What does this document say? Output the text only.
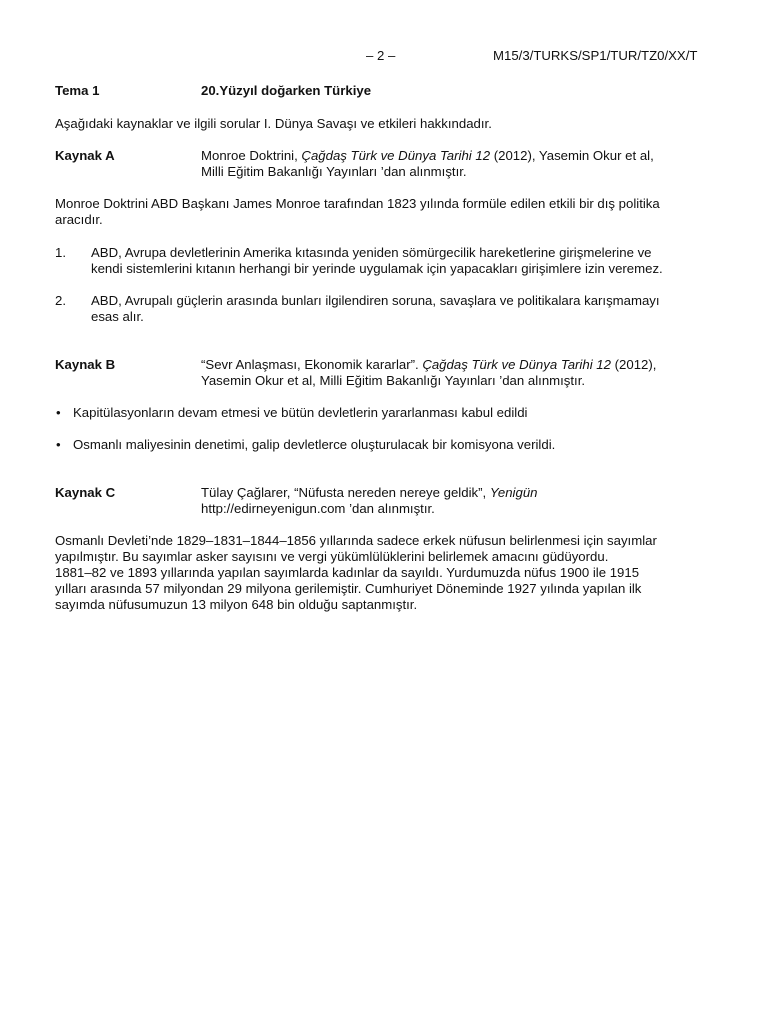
– 2 –	M15/3/TURKS/SP1/TUR/TZ0/XX/T
Tema 1	20.Yüzyıl doğarken Türkiye
Aşağıdaki kaynaklar ve ilgili sorular I. Dünya Savaşı ve etkileri hakkındadır.
Kaynak A	Monroe Doktrini, Çağdaş Türk ve Dünya Tarihi 12 (2012), Yasemin Okur et al,
Milli Eğitim Bakanlığı Yayınları ’dan alınmıştır.
Monroe Doktrini ABD Başkanı James Monroe tarafından 1823 yılında formüle edilen etkili bir dış politika
aracıdır.
1. ABD, Avrupa devletlerinin Amerika kıtasında yeniden sömürgecilik hareketlerine girişmelerine ve
kendi sistemlerini kıtanın herhangi bir yerinde uygulamak için yapacakları girişimlere izin veremez.
2. ABD, Avrupalı güçlerin arasında bunları ilgilendiren soruna, savaşlara ve politikalara karışmamayı
esas alır.
Kaynak B	“Sevr Anlaşması, Ekonomik kararlar”. Çağdaş Türk ve Dünya Tarihi 12 (2012),
Yasemin Okur et al, Milli Eğitim Bakanlığı Yayınları ’dan alınmıştır.
• Kapitülasyonların devam etmesi ve bütün devletlerin yararlanması kabul edildi
• Osmanlı maliyesinin denetimi, galip devletlerce oluşturulacak bir komisyona verildi.
Kaynak C	Tülay Çağlarer, “Nüfusta nereden nereye geldik”, Yenigün
http://edirneyenigun.com ’dan alınmıştır.
Osmanlı Devleti’nde 1829–1831–1844–1856 yıllarında sadece erkek nüfusun belirlenmesi için sayımlar
yapılmıştır. Bu sayımlar asker sayısını ve vergi yükümlülüklerini belirlemek amacını güdüyordu.
1881–82 ve 1893 yıllarında yapılan sayımlarda kadınlar da sayıldı. Yurdumuzda nüfus 1900 ile 1915
yılları arasında 57 milyondan 29 milyona gerilemiştir. Cumhuriyet Döneminde 1927 yılında yapılan ilk
sayımda nüfusumuzun 13 milyon 648 bin olduğu saptanmıştır.
